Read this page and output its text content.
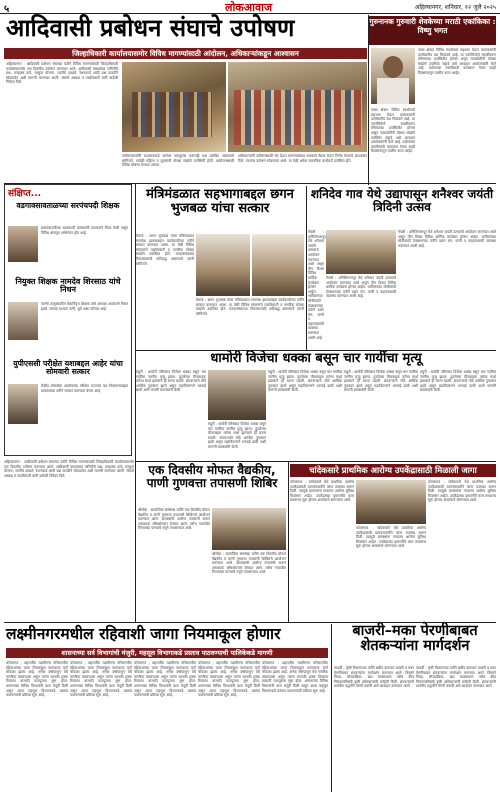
५	लोकआवाज	अहिल्यानगर, शनिवार, १२ जुलै २०२५
आदिवासी प्रबोधन संघाचे उपोषण
जिल्हाधिकारी कार्यालयासमोर विविध मागण्यांसाठी आंदोलन, अधिकाऱ्यांकडून आश्वासन
अहिल्यानगर : आदिवासी प्रबोधन संघाच्या वतीने विविध मागण्यांसाठी जिल्हाधिकारी कार्यालयासमोर एक दिवसीय उपोषण करण्यात आले. आदिवासी बांधवांच्या जमिनीचे प्रश्न, वनहक्क दावे, घरकुल योजना, जातीचे दाखले, रेशनकार्ड आदी प्रश्न तातडीने सोडवावेत अशी मागणी करण्यात आली. संघाचे अध्यक्ष व पदाधिकारी यांनी यावेळी निवेदन दिले.
उपोषणकर्त्यांनी प्रशासनाकडे वारंवार पाठपुरावा करूनही प्रश्न प्रलंबित असल्याचे सांगितले. यावेळी महिला व युवकांची मोठ्या संख्येने उपस्थिती होती. आंदोलनस्थळी विविध घोषणा देण्यात आल्या.
अधिकाऱ्यांनी उपोषणस्थळी भेट देऊन मागण्यांबाबत लवकरच बैठक घेऊन निर्णय घेण्याचे आश्वासन दिले. त्यानंतर उपोषण सोडण्यात आले. या वेळी अनेक सामाजिक कार्यकर्ते उपस्थित होते.
गुरुनानक गुरुवारी शेवकेच्या मराठी एकांकिका : विष्णु भगत
नाट्य क्षेत्रात विविध स्पर्धांमध्ये सहभाग घेऊन कलाकारांनी उल्लेखनीय यश मिळवले आहे. या एकांकिकेचे सादरीकरण रसिकांच्या उपस्थितीत होणार असून नाट्यप्रेमींनी मोठ्या संख्येने उपस्थित राहावे असे आवाहन आयोजकांनी केले आहे. प्रयोगाच्या तयारीसाठी कलाकार गेल्या काही दिवसांपासून तालीम करत आहेत.
नाट्य क्षेत्रात विविध स्पर्धांमध्ये सहभाग घेऊन कलाकारांनी उल्लेखनीय यश मिळवले आहे. या एकांकिकेचे सादरीकरण रसिकांच्या उपस्थितीत होणार असून नाट्यप्रेमींनी मोठ्या संख्येने उपस्थित राहावे असे आवाहन आयोजकांनी केले आहे. प्रयोगाच्या तयारीसाठी कलाकार गेल्या काही दिवसांपासून तालीम करत आहेत.
संक्षिप्त...
वडगावसावताळच्या सरपंचपदी शिक्षक
ग्रामपंचायतीच्या सदस्यपदी ग्रामस्थांनी एकमताने निवड केली असून विविध क्षेत्रातून अभिनंदन होत आहे.
नियुक्त शिक्षक नामदेव शिरसाठ यांचे निधन
पारनेर तालुक्यातील सेवानिवृत्त शिक्षक यांचे अल्पशा आजाराने निधन झाले. त्यांच्या पश्चात पत्नी, मुले असा परिवार आहे.
युपीएससी परीक्षेत यशाबद्दल आहेर यांचा सोमवारी सत्कार
केंद्रीय लोकसेवा आयोगाच्या परीक्षेत उज्ज्वल यश मिळवल्याबद्दल ग्रामस्थांच्या वतीने सत्कार करण्यात येणार आहे.
मंत्रिमंडळात सहभागाबद्दल छगन भुजबळ यांचा सत्कार
येवला : छगन भुजबळ यांचा मंत्रिमंडळात समावेश झाल्याबद्दल कार्यकर्त्यांच्या वतीने सत्कार करण्यात आला. या वेळी विविध संघटनांचे पदाधिकारी व नागरिक मोठ्या संख्येने उपस्थित होते. मतदारसंघाच्या विकासासाठी कटिबद्ध असल्याचे त्यांनी सांगितले.
येवला : छगन भुजबळ यांचा मंत्रिमंडळात समावेश झाल्याबद्दल कार्यकर्त्यांच्या वतीने सत्कार करण्यात आला. या वेळी विविध संघटनांचे पदाधिकारी व नागरिक मोठ्या संख्येने उपस्थित होते. मतदारसंघाच्या विकासासाठी कटिबद्ध असल्याचे त्यांनी सांगितले.
शनिदेव गाव येथे उद्यापासून शनैश्वर जयंती त्रिदिनी उत्सव
नेवासे : शनिशिंगणापूर येथे शनैश्वर जयंती उत्सवाचे आयोजन करण्यात आले असून तीन दिवस विविध धार्मिक कार्यक्रम होणार आहेत. भाविकांच्या सोयीसाठी देवस्थानच्या वतीने दर्शन रांग, पाणी व वाहनतळाची व्यवस्था करण्यात आली आहे.
नेवासे : शनिशिंगणापूर येथे शनैश्वर जयंती उत्सवाचे आयोजन करण्यात आले असून तीन दिवस विविध धार्मिक कार्यक्रम होणार आहेत. भाविकांच्या सोयीसाठी देवस्थानच्या वतीने दर्शन रांग, पाणी व वाहनतळाची व्यवस्था करण्यात आली आहे.
नेवासे : शनिशिंगणापूर येथे शनैश्वर जयंती उत्सवाचे आयोजन करण्यात आले असून तीन दिवस विविध धार्मिक कार्यक्रम होणार आहेत. भाविकांच्या सोयीसाठी देवस्थानच्या वतीने दर्शन रांग, पाणी व वाहनतळाची व्यवस्था करण्यात आली आहे.
धामोरी विजेचा धक्का बसून चार गायींचा मृत्यू
राहुरी : धामोरी परिसरात विजेचा धक्का बसून चार गायींचा जागीच मृत्यू झाला. तुटलेल्या वीजवाहक तारेचा स्पर्श झाल्याने ही घटना घडली. शेतकऱ्याचे मोठे आर्थिक नुकसान झाले असून महावितरणने भरपाई द्यावी अशी मागणी ग्रामस्थांनी केली.
राहुरी : धामोरी परिसरात विजेचा धक्का बसून चार गायींचा जागीच मृत्यू झाला. तुटलेल्या वीजवाहक तारेचा स्पर्श झाल्याने ही घटना घडली. शेतकऱ्याचे मोठे आर्थिक नुकसान झाले असून महावितरणने भरपाई द्यावी अशी मागणी ग्रामस्थांनी केली.
राहुरी : धामोरी परिसरात विजेचा धक्का बसून चार गायींचा जागीच मृत्यू झाला. तुटलेल्या वीजवाहक तारेचा स्पर्श झाल्याने ही घटना घडली. शेतकऱ्याचे मोठे आर्थिक नुकसान झाले असून महावितरणने भरपाई द्यावी अशी मागणी ग्रामस्थांनी केली.
राहुरी : धामोरी परिसरात विजेचा धक्का बसून चार गायींचा जागीच मृत्यू झाला. तुटलेल्या वीजवाहक तारेचा स्पर्श झाल्याने ही घटना घडली. शेतकऱ्याचे मोठे आर्थिक नुकसान झाले असून महावितरणने भरपाई द्यावी अशी मागणी ग्रामस्थांनी केली.
राहुरी : धामोरी परिसरात विजेचा धक्का बसून चार गायींचा जागीच मृत्यू झाला. तुटलेल्या वीजवाहक तारेचा स्पर्श झाल्याने ही घटना घडली. शेतकऱ्याचे मोठे आर्थिक नुकसान झाले असून महावितरणने भरपाई द्यावी अशी मागणी ग्रामस्थांनी केली.
एक दिवसीय मोफत वैद्यकीय, पाणी गुणवत्ता तपासणी शिबिर
श्रीगोंदा : सामाजिक संस्थेच्या वतीने एक दिवसीय मोफत वैद्यकीय व पाणी गुणवत्ता तपासणी शिबिराचे आयोजन करण्यात आले. ग्रामस्थांची आरोग्य तपासणी करून आवश्यक औषधोपचार देण्यात आले. तसेच गावातील पिण्याच्या पाण्याचे नमुने तपासण्यात आले.
श्रीगोंदा : सामाजिक संस्थेच्या वतीने एक दिवसीय मोफत वैद्यकीय व पाणी गुणवत्ता तपासणी शिबिराचे आयोजन करण्यात आले. ग्रामस्थांची आरोग्य तपासणी करून आवश्यक औषधोपचार देण्यात आले. तसेच गावातील पिण्याच्या पाण्याचे नमुने तपासण्यात आले.
अहिल्यानगर : आदिवासी प्रबोधन संघाच्या वतीने विविध मागण्यांसाठी जिल्हाधिकारी कार्यालयासमोर एक दिवसीय उपोषण करण्यात आले. आदिवासी बांधवांच्या जमिनीचे प्रश्न, वनहक्क दावे, घरकुल योजना, जातीचे दाखले, रेशनकार्ड आदी प्रश्न तातडीने सोडवावेत अशी मागणी करण्यात आली. संघाचे अध्यक्ष व पदाधिकारी यांनी यावेळी निवेदन दिले.
चांदेकसारे प्राथमिक आरोग्य उपकेंद्रासाठी मिळाली जागा
कोपरगाव : चांदेकसारे येथे प्राथमिक आरोग्य उपकेंद्रासाठी ग्रामपंचायतीने जागा उपलब्ध करून दिली. त्यामुळे ग्रामस्थांना गावातच आरोग्य सुविधा मिळणार आहेत. उपकेंद्राच्या इमारतीचे काम लवकरच सुरू होणार असल्याचे सांगण्यात आले.
कोपरगाव : चांदेकसारे येथे प्राथमिक आरोग्य उपकेंद्रासाठी ग्रामपंचायतीने जागा उपलब्ध करून दिली. त्यामुळे ग्रामस्थांना गावातच आरोग्य सुविधा मिळणार आहेत. उपकेंद्राच्या इमारतीचे काम लवकरच सुरू होणार असल्याचे सांगण्यात आले.
कोपरगाव : चांदेकसारे येथे प्राथमिक आरोग्य उपकेंद्रासाठी ग्रामपंचायतीने जागा उपलब्ध करून दिली. त्यामुळे ग्रामस्थांना गावातच आरोग्य सुविधा मिळणार आहेत. उपकेंद्राच्या इमारतीचे काम लवकरच सुरू होणार असल्याचे सांगण्यात आले.
लक्ष्मीनगरमधील रहिवाशी जागा नियमाकूल होणार
शासनाच्या सर्व विभागांची मंजुरी, महसूल विभागाकडे प्रस्ताव पाठवण्याची पालिकेकडे मागणी
कोपरगाव : शहरातील लक्ष्मीनगर परिसरातील रहिवाशांच्या जागा नियमाकूल करण्याचा मार्ग मोकळा झाला आहे. अनेक वर्षांपासून येथे नागरिक वास्तव्यास असून त्यांना मालकी हक्क मिळावा यासाठी पाठपुरावा सुरू होता. शासनाच्या विविध विभागांनी यास मंजुरी दिली असून आता महसूल विभागाकडे प्रस्ताव पाठवण्याची प्रक्रिया सुरू आहे.
कोपरगाव : शहरातील लक्ष्मीनगर परिसरातील रहिवाशांच्या जागा नियमाकूल करण्याचा मार्ग मोकळा झाला आहे. अनेक वर्षांपासून येथे नागरिक वास्तव्यास असून त्यांना मालकी हक्क मिळावा यासाठी पाठपुरावा सुरू होता. शासनाच्या विविध विभागांनी यास मंजुरी दिली असून आता महसूल विभागाकडे प्रस्ताव पाठवण्याची प्रक्रिया सुरू आहे.
कोपरगाव : शहरातील लक्ष्मीनगर परिसरातील रहिवाशांच्या जागा नियमाकूल करण्याचा मार्ग मोकळा झाला आहे. अनेक वर्षांपासून येथे नागरिक वास्तव्यास असून त्यांना मालकी हक्क मिळावा यासाठी पाठपुरावा सुरू होता. शासनाच्या विविध विभागांनी यास मंजुरी दिली असून आता महसूल विभागाकडे प्रस्ताव पाठवण्याची प्रक्रिया सुरू आहे.
कोपरगाव : शहरातील लक्ष्मीनगर परिसरातील रहिवाशांच्या जागा नियमाकूल करण्याचा मार्ग मोकळा झाला आहे. अनेक वर्षांपासून येथे नागरिक वास्तव्यास असून त्यांना मालकी हक्क मिळावा यासाठी पाठपुरावा सुरू होता. शासनाच्या विविध विभागांनी यास मंजुरी दिली असून आता महसूल विभागाकडे प्रस्ताव पाठवण्याची प्रक्रिया सुरू आहे.
कोपरगाव : शहरातील लक्ष्मीनगर परिसरातील रहिवाशांच्या जागा नियमाकूल करण्याचा मार्ग मोकळा झाला आहे. अनेक वर्षांपासून येथे नागरिक वास्तव्यास असून त्यांना मालकी हक्क मिळावा यासाठी पाठपुरावा सुरू होता. शासनाच्या विविध विभागांनी यास मंजुरी दिली असून आता महसूल विभागाकडे प्रस्ताव पाठवण्याची प्रक्रिया सुरू आहे.
बाजरी–मका पेरणीबाबत शेतकऱ्यांना मार्गदर्शन
पाथर्डी : कृषी विभागाच्या वतीने खरीप हंगामात बाजरी व मका पेरणीबाबत शेतकऱ्यांना मार्गदर्शन करण्यात आले. बियाणे निवड, बीजप्रक्रिया, खत व्यवस्थापन तसेच कीड नियंत्रणाविषयी कृषी अधिकाऱ्यांनी माहिती दिली. शेतकऱ्यांनी शास्त्रीय पद्धतीने पेरणी करावी असे आवाहन करण्यात आले.
पाथर्डी : कृषी विभागाच्या वतीने खरीप हंगामात बाजरी व मका पेरणीबाबत शेतकऱ्यांना मार्गदर्शन करण्यात आले. बियाणे निवड, बीजप्रक्रिया, खत व्यवस्थापन तसेच कीड नियंत्रणाविषयी कृषी अधिकाऱ्यांनी माहिती दिली. शेतकऱ्यांनी शास्त्रीय पद्धतीने पेरणी करावी असे आवाहन करण्यात आले.
